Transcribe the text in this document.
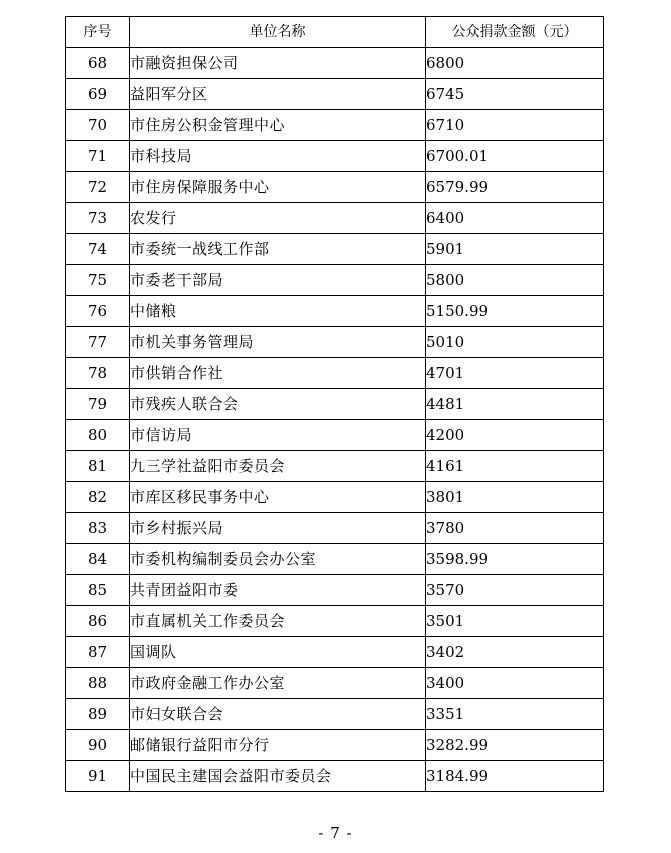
序号	单位名称	公众捐款金额（元）
68	市融资担保公司	6800
69	益阳军分区	6745
70	市住房公积金管理中心	6710
71	市科技局	6700.01
72	市住房保障服务中心	6579.99
73	农发行	6400
74	市委统一战线工作部	5901
75	市委老干部局	5800
76	中储粮	5150.99
77	市机关事务管理局	5010
78	市供销合作社	4701
79	市残疾人联合会	4481
80	市信访局	4200
81	九三学社益阳市委员会	4161
82	市库区移民事务中心	3801
83	市乡村振兴局	3780
84	市委机构编制委员会办公室	3598.99
85	共青团益阳市委	3570
86	市直属机关工作委员会	3501
87	国调队	3402
88	市政府金融工作办公室	3400
89	市妇女联合会	3351
90	邮储银行益阳市分行	3282.99
91	中国民主建国会益阳市委员会	3184.99
- 7 -
